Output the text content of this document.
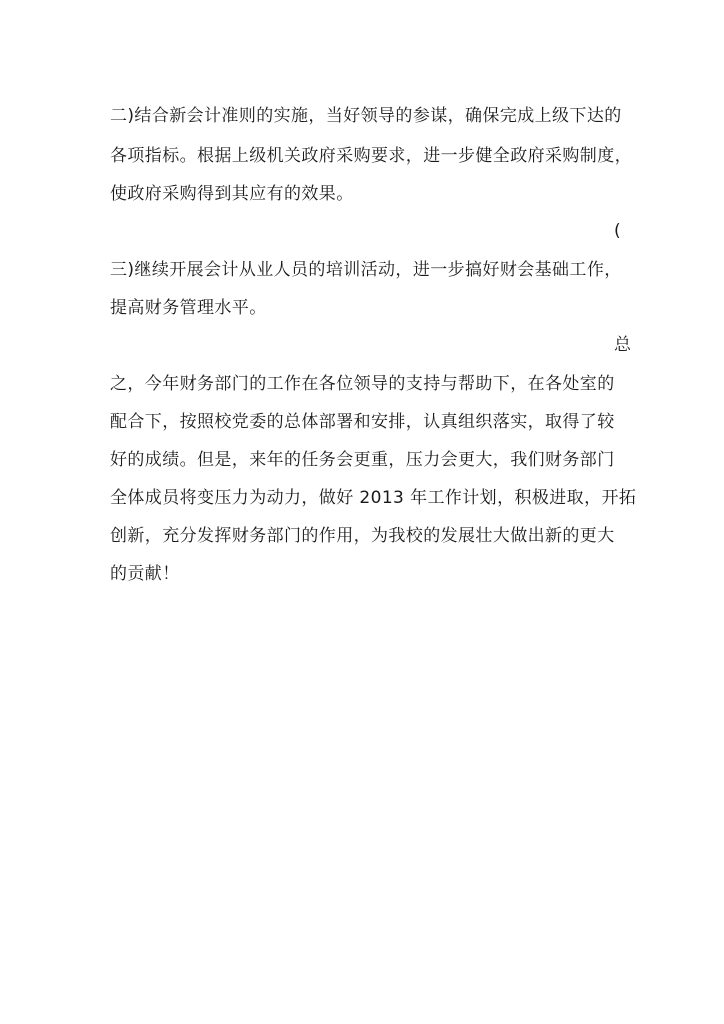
二)结合新会计准则的实施，当好领导的参谋，确保完成上级下达的
各项指标。根据上级机关政府采购要求，进一步健全政府采购制度，
使政府采购得到其应有的效果。
(
三)继续开展会计从业人员的培训活动，进一步搞好财会基础工作，
提高财务管理水平。
总
之，今年财务部门的工作在各位领导的支持与帮助下，在各处室的
配合下，按照校党委的总体部署和安排，认真组织落实，取得了较
好的成绩。但是，来年的任务会更重，压力会更大，我们财务部门
全体成员将变压力为动力，做好 2013 年工作计划，积极进取，开拓
创新，充分发挥财务部门的作用，为我校的发展壮大做出新的更大
的贡献！
